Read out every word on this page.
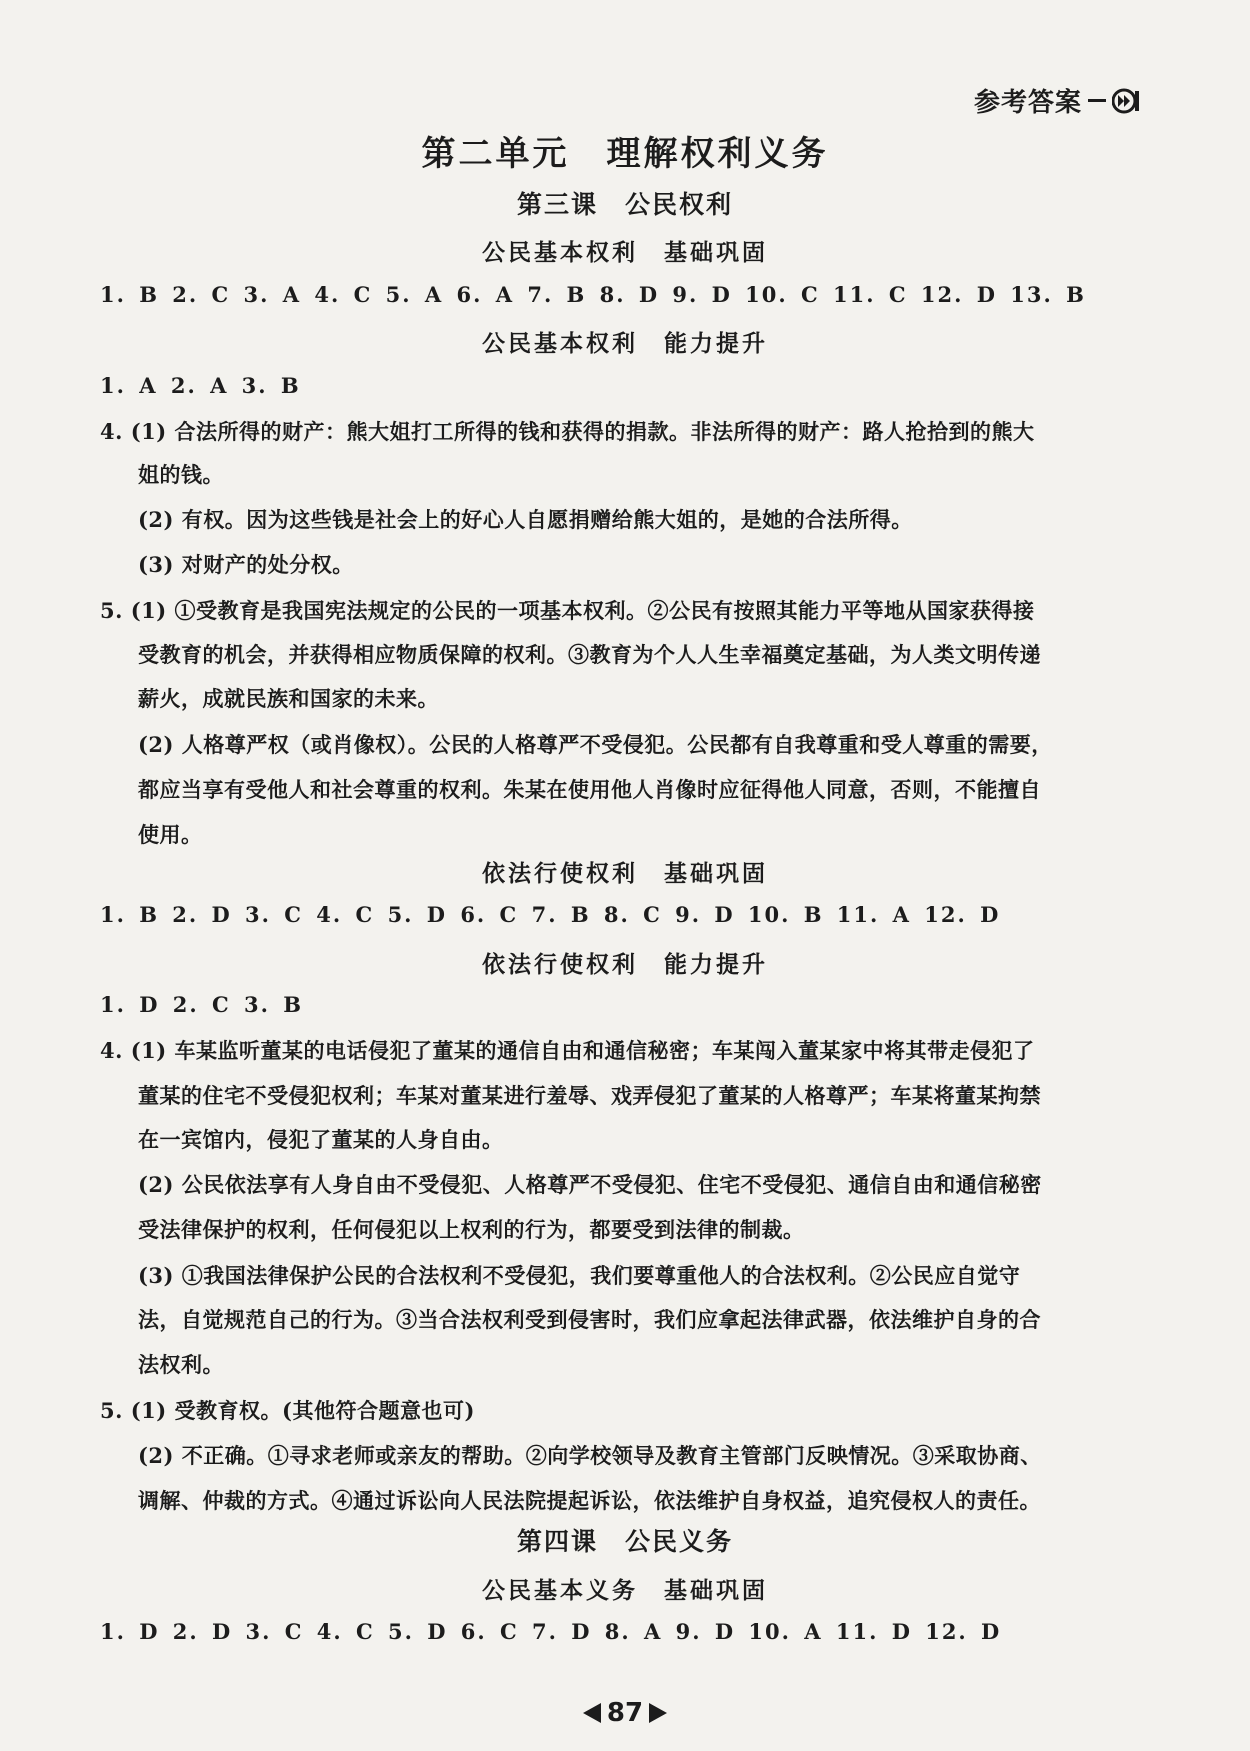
参考答案
第二单元　理解权利义务
第三课　公民权利
公民基本权利　基础巩固
1. B 2. C 3. A 4. C 5. A 6. A 7. B 8. D 9. D 10. C 11. C 12. D 13. B
公民基本权利　能力提升
1. A 2. A 3. B
4. (1) 合法所得的财产：熊大姐打工所得的钱和获得的捐款。非法所得的财产：路人抢拾到的熊大
姐的钱。
(2) 有权。因为这些钱是社会上的好心人自愿捐赠给熊大姐的，是她的合法所得。
(3) 对财产的处分权。
5. (1) ①受教育是我国宪法规定的公民的一项基本权利。②公民有按照其能力平等地从国家获得接
受教育的机会，并获得相应物质保障的权利。③教育为个人人生幸福奠定基础，为人类文明传递
薪火，成就民族和国家的未来。
(2) 人格尊严权（或肖像权）。公民的人格尊严不受侵犯。公民都有自我尊重和受人尊重的需要，
都应当享有受他人和社会尊重的权利。朱某在使用他人肖像时应征得他人同意，否则，不能擅自
使用。
依法行使权利　基础巩固
1. B 2. D 3. C 4. C 5. D 6. C 7. B 8. C 9. D 10. B 11. A 12. D
依法行使权利　能力提升
1. D 2. C 3. B
4. (1) 车某监听董某的电话侵犯了董某的通信自由和通信秘密；车某闯入董某家中将其带走侵犯了
董某的住宅不受侵犯权利；车某对董某进行羞辱、戏弄侵犯了董某的人格尊严；车某将董某拘禁
在一宾馆内，侵犯了董某的人身自由。
(2) 公民依法享有人身自由不受侵犯、人格尊严不受侵犯、住宅不受侵犯、通信自由和通信秘密
受法律保护的权利，任何侵犯以上权利的行为，都要受到法律的制裁。
(3) ①我国法律保护公民的合法权利不受侵犯，我们要尊重他人的合法权利。②公民应自觉守
法，自觉规范自己的行为。③当合法权利受到侵害时，我们应拿起法律武器，依法维护自身的合
法权利。
5. (1) 受教育权。(其他符合题意也可)
(2) 不正确。①寻求老师或亲友的帮助。②向学校领导及教育主管部门反映情况。③采取协商、
调解、仲裁的方式。④通过诉讼向人民法院提起诉讼，依法维护自身权益，追究侵权人的责任。
第四课　公民义务
公民基本义务　基础巩固
1. D 2. D 3. C 4. C 5. D 6. C 7. D 8. A 9. D 10. A 11. D 12. D
87
